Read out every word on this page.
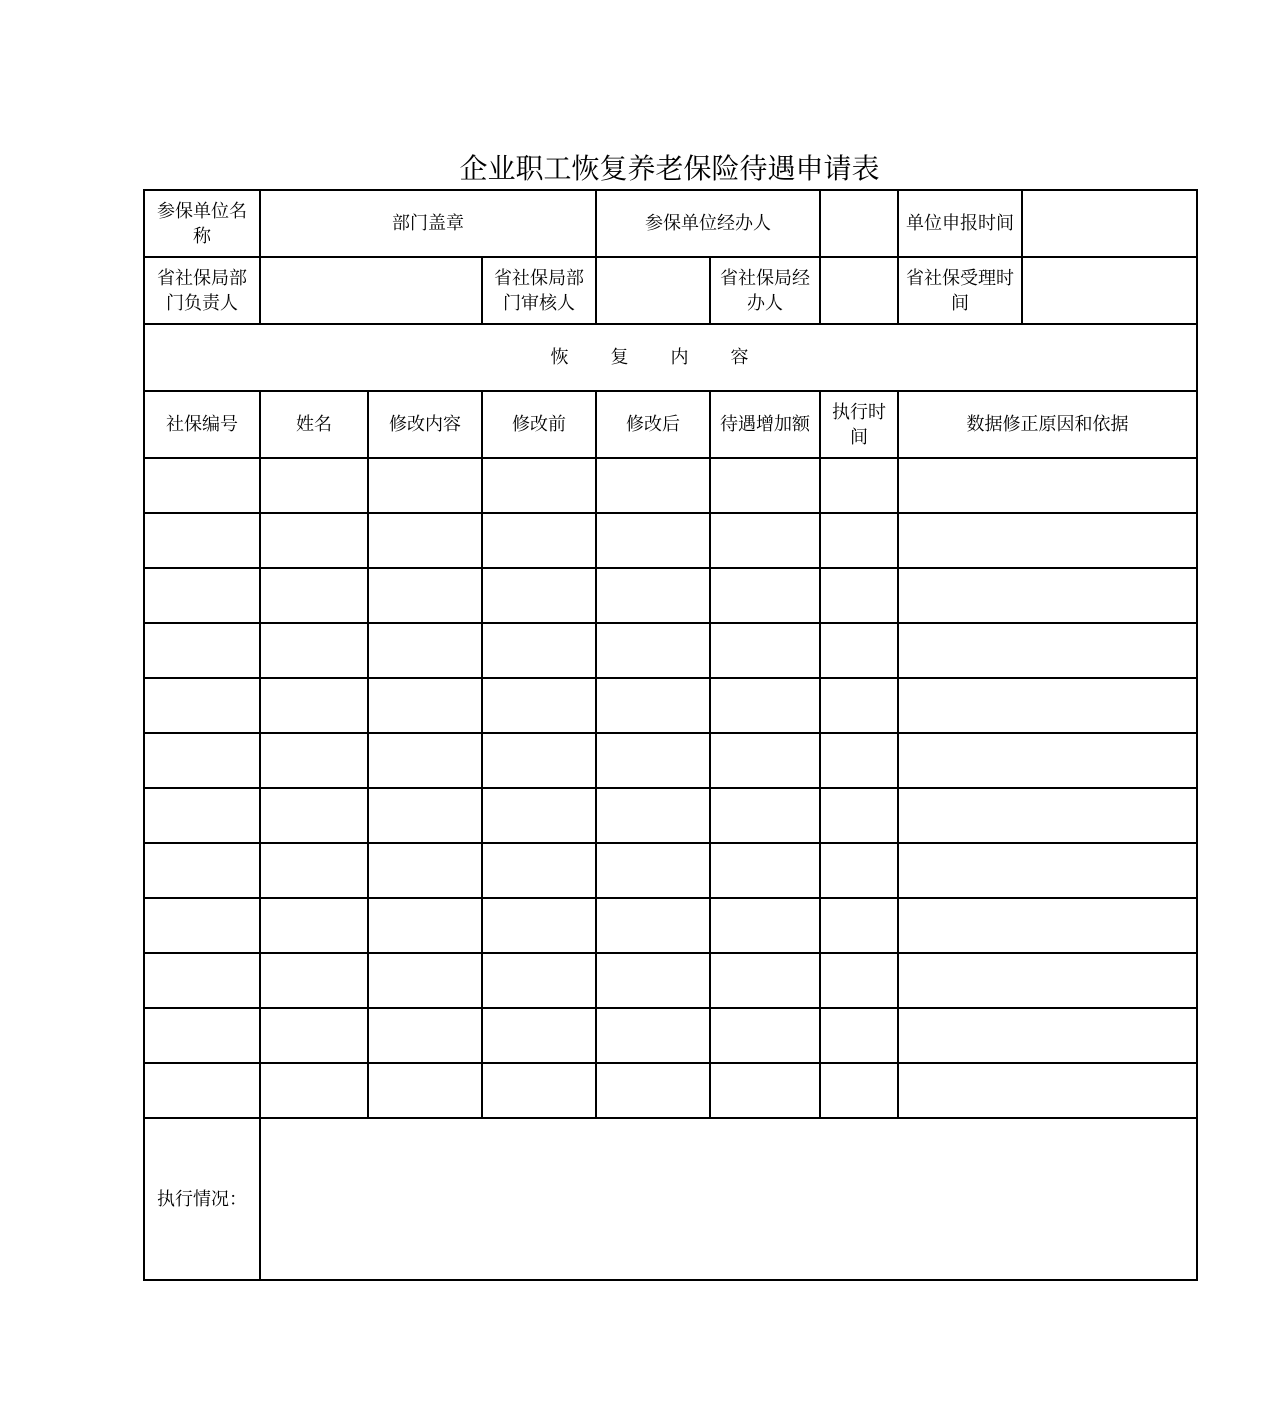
企业职工恢复养老保险待遇申请表
参保单位名称	部门盖章			参保单位经办人			单位申报时间	
省社保局部门负责人			省社保局部门审核人		省社保局经办人		省社保受理时间	
恢复内容								
社保编号	姓名	修改内容	修改前	修改后	待遇增加额	执行时间	数据修正原因和依据	

执行情况：								
